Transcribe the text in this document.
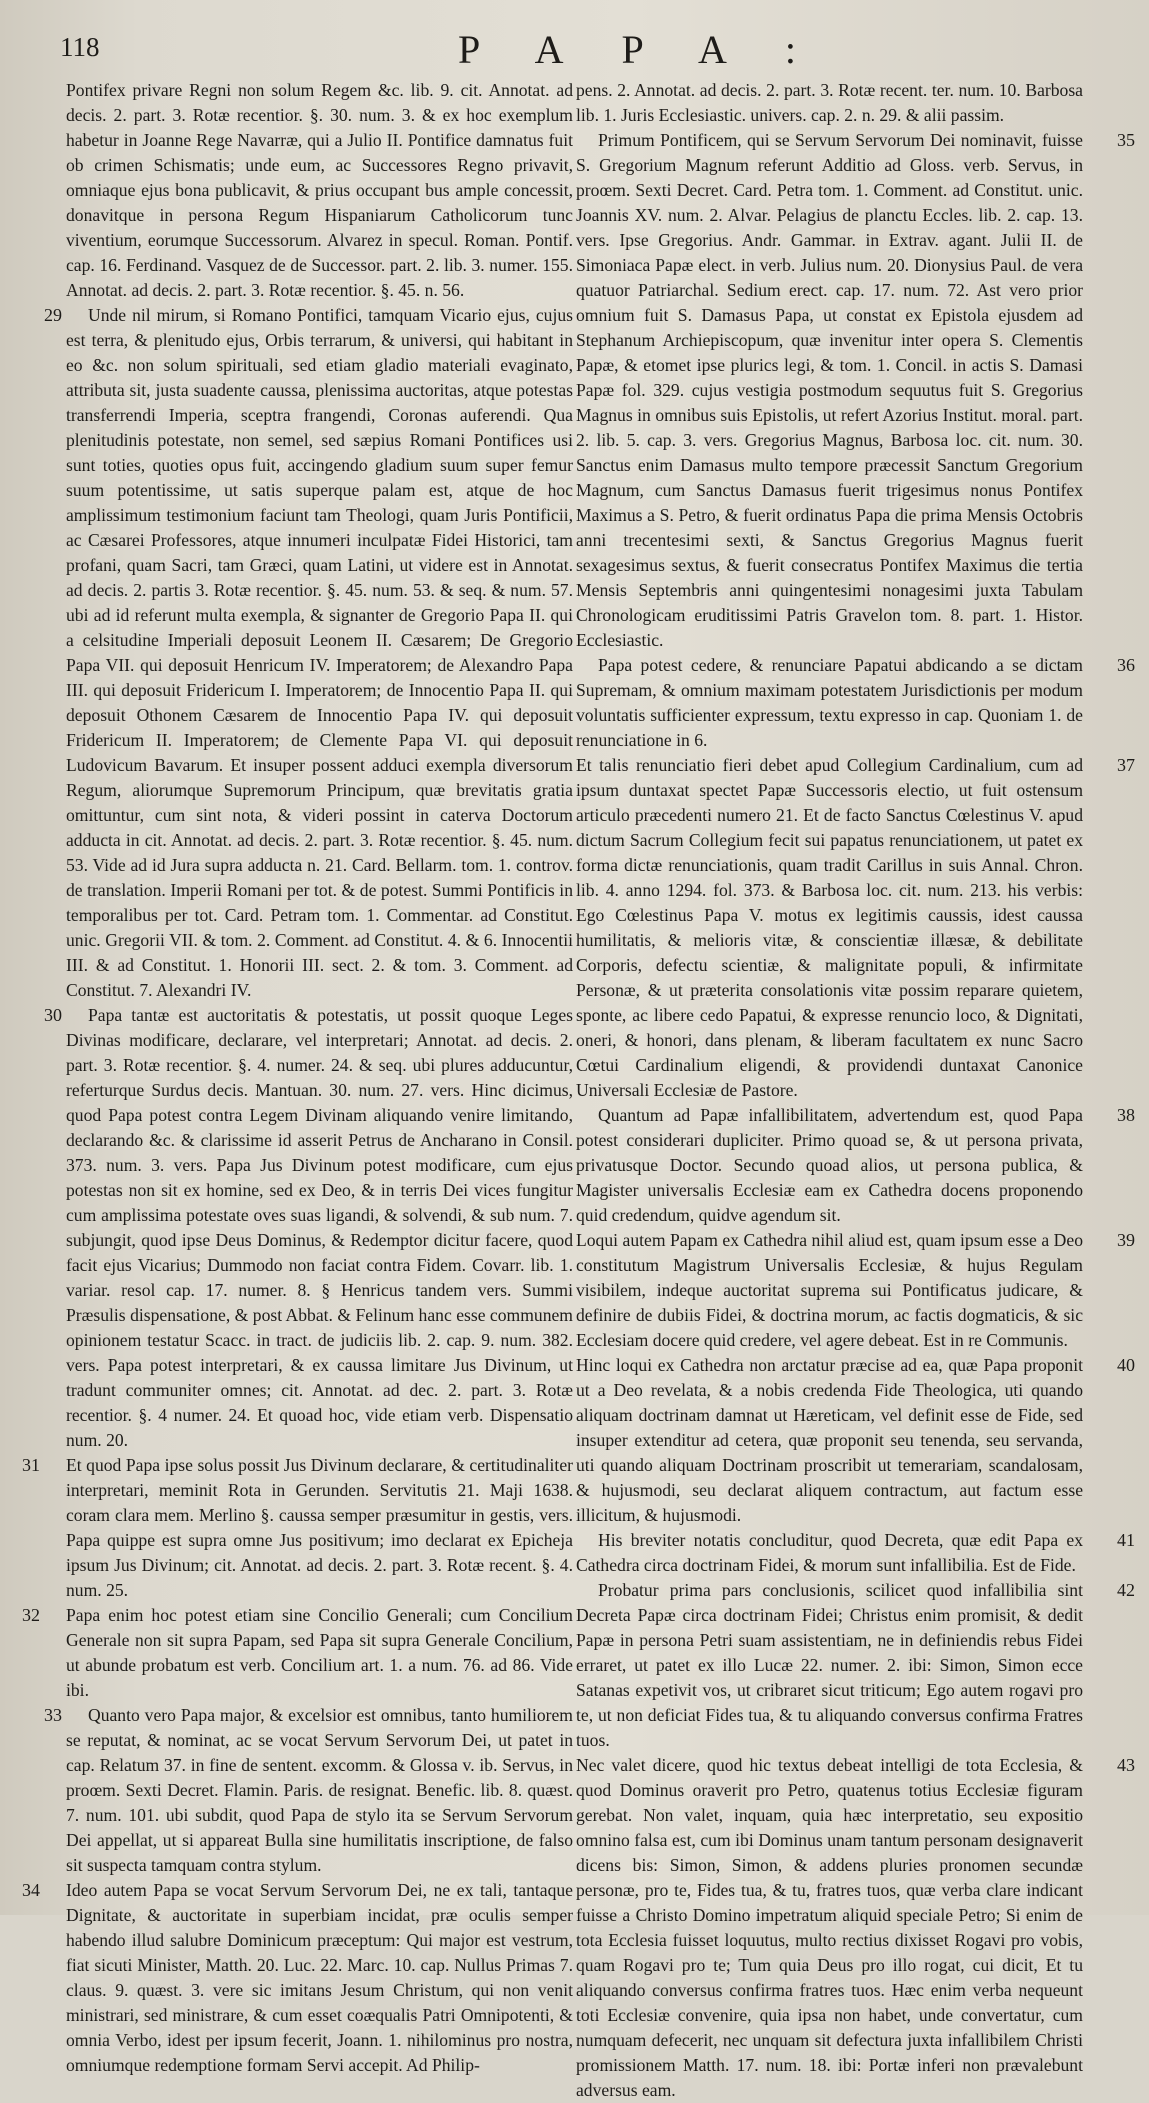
118	PAPA:

Pontifex privare Regni non solum Regem &c. lib. 9. cit. Annotat. ad decis. 2. part. 3. Rotæ recentior. §. 30. num. 3. & ex hoc exemplum habetur in Joanne Rege Navarræ, qui a Julio II. Pontifice damnatus fuit ob crimen Schismatis; unde eum, ac Successores Regno privavit, omniaque ejus bona publicavit, & prius occupant bus ample concessit, donavitque in persona Regum Hispaniarum Catholicorum tunc viventium, eorumque Successorum. Alvarez in specul. Roman. Pontif. cap. 16. Ferdinand. Vasquez de de Successor. part. 2. lib. 3. numer. 155. Annotat. ad decis. 2. part. 3. Rotæ recentior. §. 45. n. 56.

29 Unde nil mirum, si Romano Pontifici, tamquam Vicario ejus, cujus est terra, & plenitudo ejus, Orbis terrarum, & universi, qui habitant in eo &c. non solum spirituali, sed etiam gladio materiali evaginato, attributa sit, justa suadente caussa, plenissima auctoritas, atque potestas transferrendi Imperia, sceptra frangendi, Coronas auferendi. Qua plenitudinis potestate, non semel, sed sæpius Romani Pontifices usi sunt toties, quoties opus fuit, accingendo gladium suum super femur suum potentissime, ut satis superque palam est, atque de hoc amplissimum testimonium faciunt tam Theologi, quam Juris Pontificii, ac Cæsarei Professores, atque innumeri inculpatæ Fidei Historici, tam profani, quam Sacri, tam Græci, quam Latini, ut videre est in Annotat. ad decis. 2. partis 3. Rotæ recentior. §. 45. num. 53. & seq. & num. 57. ubi ad id referunt multa exempla, & signanter de Gregorio Papa II. qui a celsitudine Imperiali deposuit Leonem II. Cæsarem; De Gregorio Papa VII. qui deposuit Henricum IV. Imperatorem; de Alexandro Papa III. qui deposuit Fridericum I. Imperatorem; de Innocentio Papa II. qui deposuit Othonem Cæsarem de Innocentio Papa IV. qui deposuit Fridericum II. Imperatorem; de Clemente Papa VI. qui deposuit Ludovicum Bavarum. Et insuper possent adduci exempla diversorum Regum, aliorumque Supremorum Principum, quæ brevitatis gratia omittuntur, cum sint nota, & videri possint in caterva Doctorum adducta in cit. Annotat. ad decis. 2. part. 3. Rotæ recentior. §. 45. num. 53. Vide ad id Jura supra adducta n. 21. Card. Bellarm. tom. 1. controv. de translation. Imperii Romani per tot. & de potest. Summi Pontificis in temporalibus per tot. Card. Petram tom. 1. Commentar. ad Constitut. unic. Gregorii VII. & tom. 2. Comment. ad Constitut. 4. & 6. Innocentii III. & ad Constitut. 1. Honorii III. sect. 2. & tom. 3. Comment. ad Constitut. 7. Alexandri IV.

30 Papa tantæ est auctoritatis & potestatis, ut possit quoque Leges Divinas modificare, declarare, vel interpretari; Annotat. ad decis. 2. part. 3. Rotæ recentior. §. 4. numer. 24. & seq. ubi plures adducuntur, referturque Surdus decis. Mantuan. 30. num. 27. vers. Hinc dicimus, quod Papa potest contra Legem Divinam aliquando venire limitando, declarando &c. & clarissime id asserit Petrus de Ancharano in Consil. 373. num. 3. vers. Papa Jus Divinum potest modificare, cum ejus potestas non sit ex homine, sed ex Deo, & in terris Dei vices fungitur cum amplissima potestate oves suas ligandi, & solvendi, & sub num. 7. subjungit, quod ipse Deus Dominus, & Redemptor dicitur facere, quod facit ejus Vicarius; Dummodo non faciat contra Fidem. Covarr. lib. 1. variar. resol cap. 17. numer. 8. § Henricus tandem vers. Summi Præsulis dispensatione, & post Abbat. & Felinum hanc esse communem opinionem testatur Scacc. in tract. de judiciis lib. 2. cap. 9. num. 382. vers. Papa potest interpretari, & ex caussa limitare Jus Divinum, ut tradunt communiter omnes; cit. Annotat. ad dec. 2. part. 3. Rotæ recentior. §. 4 numer. 24. Et quoad hoc, vide etiam verb. Dispensatio num. 20.

31 Et quod Papa ipse solus possit Jus Divinum declarare, & certitudinaliter interpretari, meminit Rota in Gerunden. Servitutis 21. Maji 1638. coram clara mem. Merlino §. caussa semper præsumitur in gestis, vers. Papa quippe est supra omne Jus positivum; imo declarat ex Epicheja ipsum Jus Divinum; cit. Annotat. ad decis. 2. part. 3. Rotæ recent. §. 4. num. 25.

32 Papa enim hoc potest etiam sine Concilio Generali; cum Concilium Generale non sit supra Papam, sed Papa sit supra Generale Concilium, ut abunde probatum est verb. Concilium art. 1. a num. 76. ad 86. Vide ibi.

33 Quanto vero Papa major, & excelsior est omnibus, tanto humiliorem se reputat, & nominat, ac se vocat Servum Servorum Dei, ut patet in cap. Relatum 37. in fine de sentent. excomm. & Glossa v. ib. Servus, in proœm. Sexti Decret. Flamin. Paris. de resignat. Benefic. lib. 8. quæst. 7. num. 101. ubi subdit, quod Papa de stylo ita se Servum Servorum Dei appellat, ut si appareat Bulla sine humilitatis inscriptione, de falso sit suspecta tamquam contra stylum.

34 Ideo autem Papa se vocat Servum Servorum Dei, ne ex tali, tantaque Dignitate, & auctoritate in superbiam incidat, præ oculis semper habendo illud salubre Dominicum præceptum: Qui major est vestrum, fiat sicuti Minister, Matth. 20. Luc. 22. Marc. 10. cap. Nullus Primas 7. claus. 9. quæst. 3. vere sic imitans Jesum Christum, qui non venit ministrari, sed ministrare, & cum esset coæqualis Patri Omnipotenti, & omnia Verbo, idest per ipsum fecerit, Joann. 1. nihilominus pro nostra, omniumque redemptione formam Servi accepit. Ad Philip-

pens. 2. Annotat. ad decis. 2. part. 3. Rotæ recent. ter. num. 10. Barbosa lib. 1. Juris Ecclesiastic. univers. cap. 2. n. 29. & alii passim.

35
Primum Pontificem, qui se Servum Servorum Dei nominavit, fuisse S. Gregorium Magnum referunt Additio ad Gloss. verb. Servus, in proœm. Sexti Decret. Card. Petra tom. 1. Comment. ad Constitut. unic. Joannis XV. num. 2. Alvar. Pelagius de planctu Eccles. lib. 2. cap. 13. vers. Ipse Gregorius. Andr. Gammar. in Extrav. agant. Julii II. de Simoniaca Papæ elect. in verb. Julius num. 20. Dionysius Paul. de vera quatuor Patriarchal. Sedium erect. cap. 17. num. 72. Ast vero prior omnium fuit S. Damasus Papa, ut constat ex Epistola ejusdem ad Stephanum Archiepiscopum, quæ invenitur inter opera S. Clementis Papæ, & etomet ipse plurics legi, & tom. 1. Concil. in actis S. Damasi Papæ fol. 329. cujus vestigia postmodum sequutus fuit S. Gregorius Magnus in omnibus suis Epistolis, ut refert Azorius Institut. moral. part. 2. lib. 5. cap. 3. vers. Gregorius Magnus, Barbosa loc. cit. num. 30. Sanctus enim Damasus multo tempore præcessit Sanctum Gregorium Magnum, cum Sanctus Damasus fuerit trigesimus nonus Pontifex Maximus a S. Petro, & fuerit ordinatus Papa die prima Mensis Octobris anni trecentesimi sexti, & Sanctus Gregorius Magnus fuerit sexagesimus sextus, & fuerit consecratus Pontifex Maximus die tertia Mensis Septembris anni quingentesimi nonagesimi juxta Tabulam Chronologicam eruditissimi Patris Gravelon tom. 8. part. 1. Histor. Ecclesiastic.

36
Papa potest cedere, & renunciare Papatui abdicando a se dictam Supremam, & omnium maximam potestatem Jurisdictionis per modum voluntatis sufficienter expressum, textu expresso in cap. Quoniam 1. de renunciatione in 6.

37
Et talis renunciatio fieri debet apud Collegium Cardinalium, cum ad ipsum duntaxat spectet Papæ Successoris electio, ut fuit ostensum articulo præcedenti numero 21. Et de facto Sanctus Cœlestinus V. apud dictum Sacrum Collegium fecit sui papatus renunciationem, ut patet ex forma dictæ renunciationis, quam tradit Carillus in suis Annal. Chron. lib. 4. anno 1294. fol. 373. & Barbosa loc. cit. num. 213. his verbis: Ego Cœlestinus Papa V. motus ex legitimis caussis, idest caussa humilitatis, & melioris vitæ, & conscientiæ illæsæ, & debilitate Corporis, defectu scientiæ, & malignitate populi, & infirmitate Personæ, & ut præterita consolationis vitæ possim reparare quietem, sponte, ac libere cedo Papatui, & expresse renuncio loco, & Dignitati, oneri, & honori, dans plenam, & liberam facultatem ex nunc Sacro Cœtui Cardinalium eligendi, & providendi duntaxat Canonice Universali Ecclesiæ de Pastore.

38
Quantum ad Papæ infallibilitatem, advertendum est, quod Papa potest considerari dupliciter. Primo quoad se, & ut persona privata, privatusque Doctor. Secundo quoad alios, ut persona publica, & Magister universalis Ecclesiæ eam ex Cathedra docens proponendo quid credendum, quidve agendum sit.

39
Loqui autem Papam ex Cathedra nihil aliud est, quam ipsum esse a Deo constitutum Magistrum Universalis Ecclesiæ, & hujus Regulam visibilem, indeque auctoritat suprema sui Pontificatus judicare, & definire de dubiis Fidei, & doctrina morum, ac factis dogmaticis, & sic Ecclesiam docere quid credere, vel agere debeat. Est in re Communis.

40
Hinc loqui ex Cathedra non arctatur præcise ad ea, quæ Papa proponit ut a Deo revelata, & a nobis credenda Fide Theologica, uti quando aliquam doctrinam damnat ut Hæreticam, vel definit esse de Fide, sed insuper extenditur ad cetera, quæ proponit seu tenenda, seu servanda, uti quando aliquam Doctrinam proscribit ut temerariam, scandalosam, & hujusmodi, seu declarat aliquem contractum, aut factum esse illicitum, & hujusmodi.

41
His breviter notatis concluditur, quod Decreta, quæ edit Papa ex Cathedra circa doctrinam Fidei, & morum sunt infallibilia. Est de Fide.

42
Probatur prima pars conclusionis, scilicet quod infallibilia sint Decreta Papæ circa doctrinam Fidei; Christus enim promisit, & dedit Papæ in persona Petri suam assistentiam, ne in definiendis rebus Fidei erraret, ut patet ex illo Lucæ 22. numer. 2. ibi: Simon, Simon ecce Satanas expetivit vos, ut cribraret sicut triticum; Ego autem rogavi pro te, ut non deficiat Fides tua, & tu aliquando conversus confirma Fratres tuos.

43
Nec valet dicere, quod hic textus debeat intelligi de tota Ecclesia, & quod Dominus oraverit pro Petro, quatenus totius Ecclesiæ figuram gerebat. Non valet, inquam, quia hæc interpretatio, seu expositio omnino falsa est, cum ibi Dominus unam tantum personam designaverit dicens bis: Simon, Simon, & addens pluries pronomen secundæ personæ, pro te, Fides tua, & tu, fratres tuos, quæ verba clare indicant fuisse a Christo Domino impetratum aliquid speciale Petro; Si enim de tota Ecclesia fuisset loquutus, multo rectius dixisset Rogavi pro vobis, quam Rogavi pro te; Tum quia Deus pro illo rogat, cui dicit, Et tu aliquando conversus confirma fratres tuos. Hæc enim verba nequeunt toti Ecclesiæ convenire, quia ipsa non habet, unde convertatur, cum numquam defecerit, nec unquam sit defectura juxta infallibilem Christi promissionem Matth. 17. num. 18. ibi: Portæ inferi non prævalebunt adversus eam.
